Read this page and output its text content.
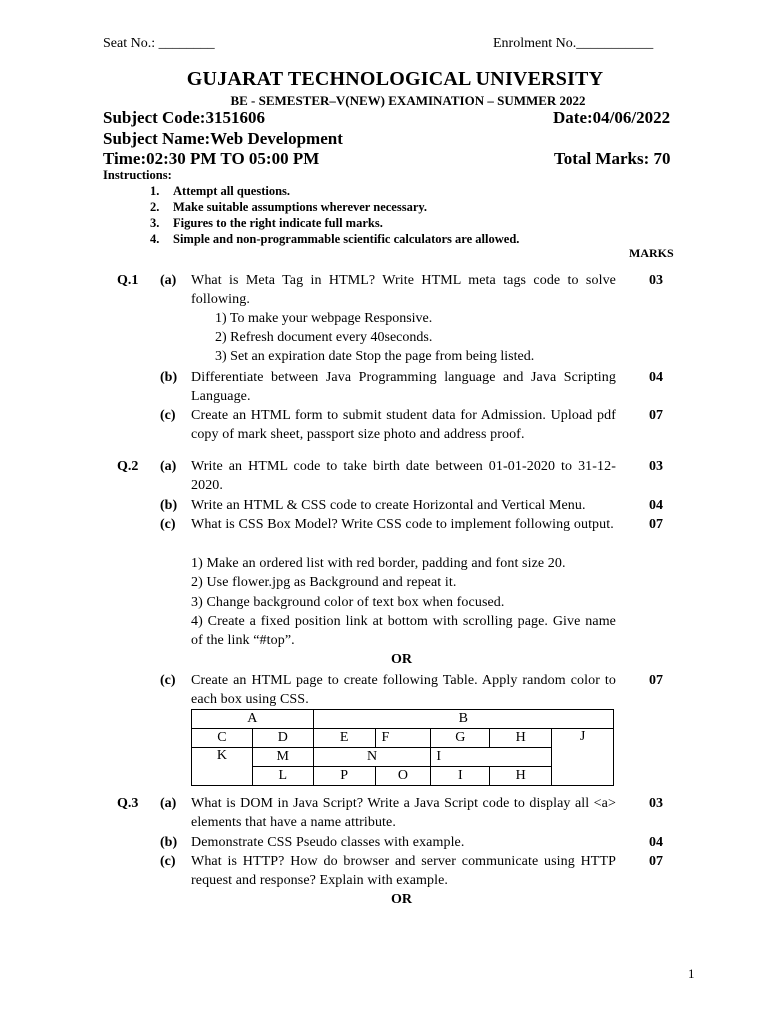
Seat No.: ________	Enrolment No.___________
GUJARAT TECHNOLOGICAL UNIVERSITY
BE - SEMESTER–V(NEW) EXAMINATION – SUMMER 2022
Subject Code:3151606	Date:04/06/2022
Subject Name:Web Development
Time:02:30 PM TO 05:00 PM	Total Marks: 70
Instructions:
1. Attempt all questions.
2. Make suitable assumptions wherever necessary.
3. Figures to the right indicate full marks.
4. Simple and non-programmable scientific calculators are allowed.
MARKS
Q.1 (a) What is Meta Tag in HTML? Write HTML meta tags code to solve following.
03
1) To make your webpage Responsive.
2) Refresh document every 40seconds.
3) Set an expiration date Stop the page from being listed.
(b) Differentiate between Java Programming language and Java Scripting Language.
04
(c) Create an HTML form to submit student data for Admission. Upload pdf copy of mark sheet, passport size photo and address proof.
07
Q.2 (a) Write an HTML code to take birth date between 01-01-2020 to 31-12-2020.
03
(b) Write an HTML & CSS code to create Horizontal and Vertical Menu.	04
(c) What is CSS Box Model? Write CSS code to implement following output.	07
1) Make an ordered list with red border, padding and font size 20.
2) Use flower.jpg as Background and repeat it.
3) Change background color of text box when focused.
4) Create a fixed position link at bottom with scrolling page. Give name of the link “#top”.
OR
(c) Create an HTML page to create following Table. Apply random color to each box using CSS.
07
A		B				
C	D	E	F	G	H	J
K	M	N		I		
	L	P	O	I	H	
Q.3 (a) What is DOM in Java Script? Write a Java Script code to display all <a> elements that have a name attribute.
03
(b) Demonstrate CSS Pseudo classes with example.	04
(c) What is HTTP? How do browser and server communicate using HTTP request and response? Explain with example.
07
OR
1
